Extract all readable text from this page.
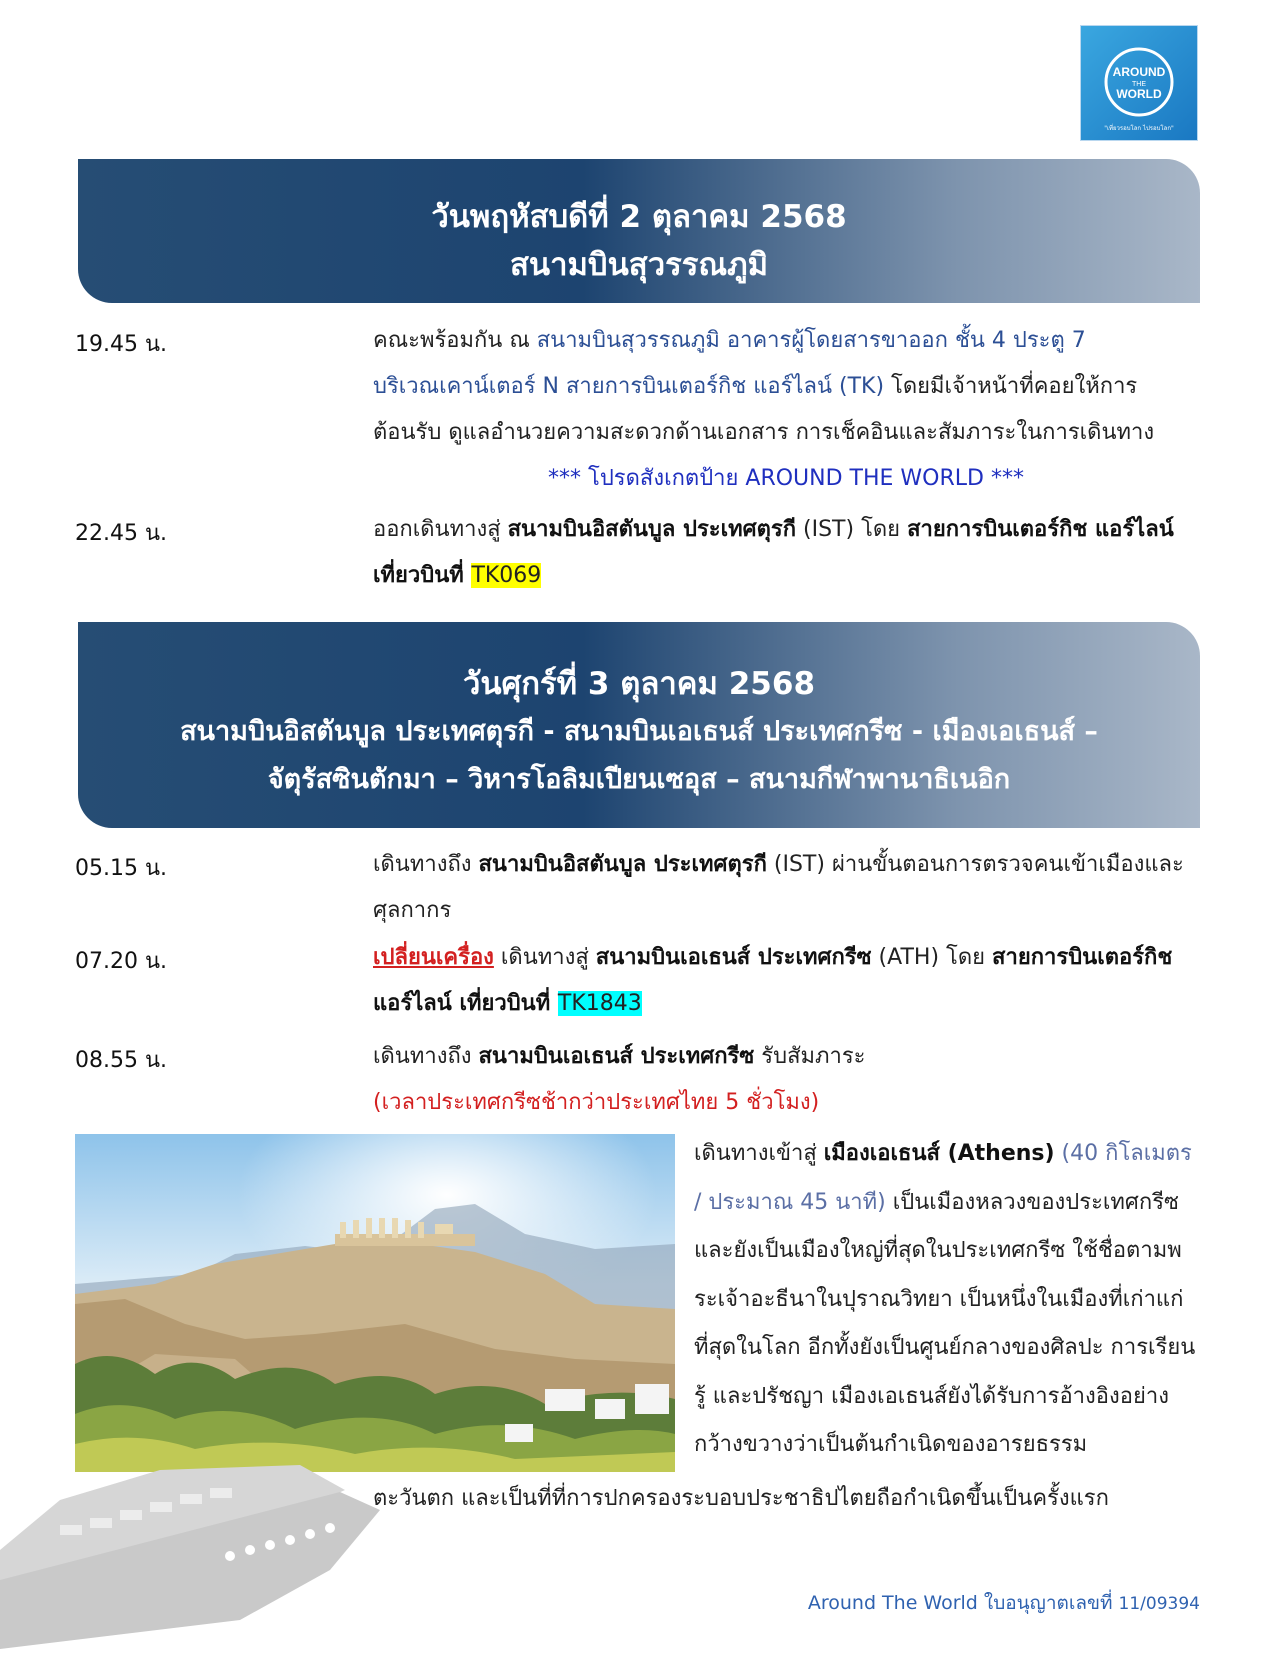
AROUND
THE
WORLD
"เที่ยวรอบโลก ไปรอบโลก"
วันพฤหัสบดีที่ 2 ตุลาคม 2568
สนามบินสุวรรณภูมิ
19.45 น.	คณะพร้อมกัน ณ สนามบินสุวรรณภูมิ อาคารผู้โดยสารขาออก ชั้น 4 ประตู 7
บริเวณเคาน์เตอร์ N สายการบินเตอร์กิช แอร์ไลน์ (TK) โดยมีเจ้าหน้าที่คอยให้การต้อนรับ ดูแลอำนวยความสะดวกด้านเอกสาร การเช็คอินและสัมภาระในการเดินทาง
*** โปรดสังเกตป้าย AROUND THE WORLD ***
22.45 น.	ออกเดินทางสู่ สนามบินอิสตันบูล ประเทศตุรกี (IST) โดย สายการบินเตอร์กิช แอร์ไลน์ เที่ยวบินที่ TK069
วันศุกร์ที่ 3 ตุลาคม 2568
สนามบินอิสตันบูล ประเทศตุรกี - สนามบินเอเธนส์ ประเทศกรีซ - เมืองเอเธนส์ –
จัตุรัสซินตักมา – วิหารโอลิมเปียนเซอุส – สนามกีฬาพานาธิเนอิก
05.15 น.	เดินทางถึง สนามบินอิสตันบูล ประเทศตุรกี (IST) ผ่านขั้นตอนการตรวจคนเข้าเมืองและศุลกากร
07.20 น.	เปลี่ยนเครื่อง เดินทางสู่ สนามบินเอเธนส์ ประเทศกรีซ (ATH) โดย สายการบินเตอร์กิช แอร์ไลน์ เที่ยวบินที่ TK1843
08.55 น.	เดินทางถึง สนามบินเอเธนส์ ประเทศกรีซ รับสัมภาระ
(เวลาประเทศกรีซช้ากว่าประเทศไทย 5 ชั่วโมง)
เดินทางเข้าสู่ เมืองเอเธนส์ (Athens) (40 กิโลเมตร / ประมาณ 45 นาที) เป็นเมืองหลวงของประเทศกรีซและยังเป็นเมืองใหญ่ที่สุดในประเทศกรีซ ใช้ชื่อตามพระเจ้าอะธีนาในปุราณวิทยา เป็นหนึ่งในเมืองที่เก่าแก่ที่สุดในโลก อีกทั้งยังเป็นศูนย์กลางของศิลปะ การเรียนรู้ และปรัชญา เมืองเอเธนส์ยังได้รับการอ้างอิงอย่างกว้างขวางว่าเป็นต้นกำเนิดของอารยธรรม
ตะวันตก และเป็นที่ที่การปกครองระบอบประชาธิปไตยถือกำเนิดขึ้นเป็นครั้งแรก
Around The World ใบอนุญาตเลขที่ 11/09394
